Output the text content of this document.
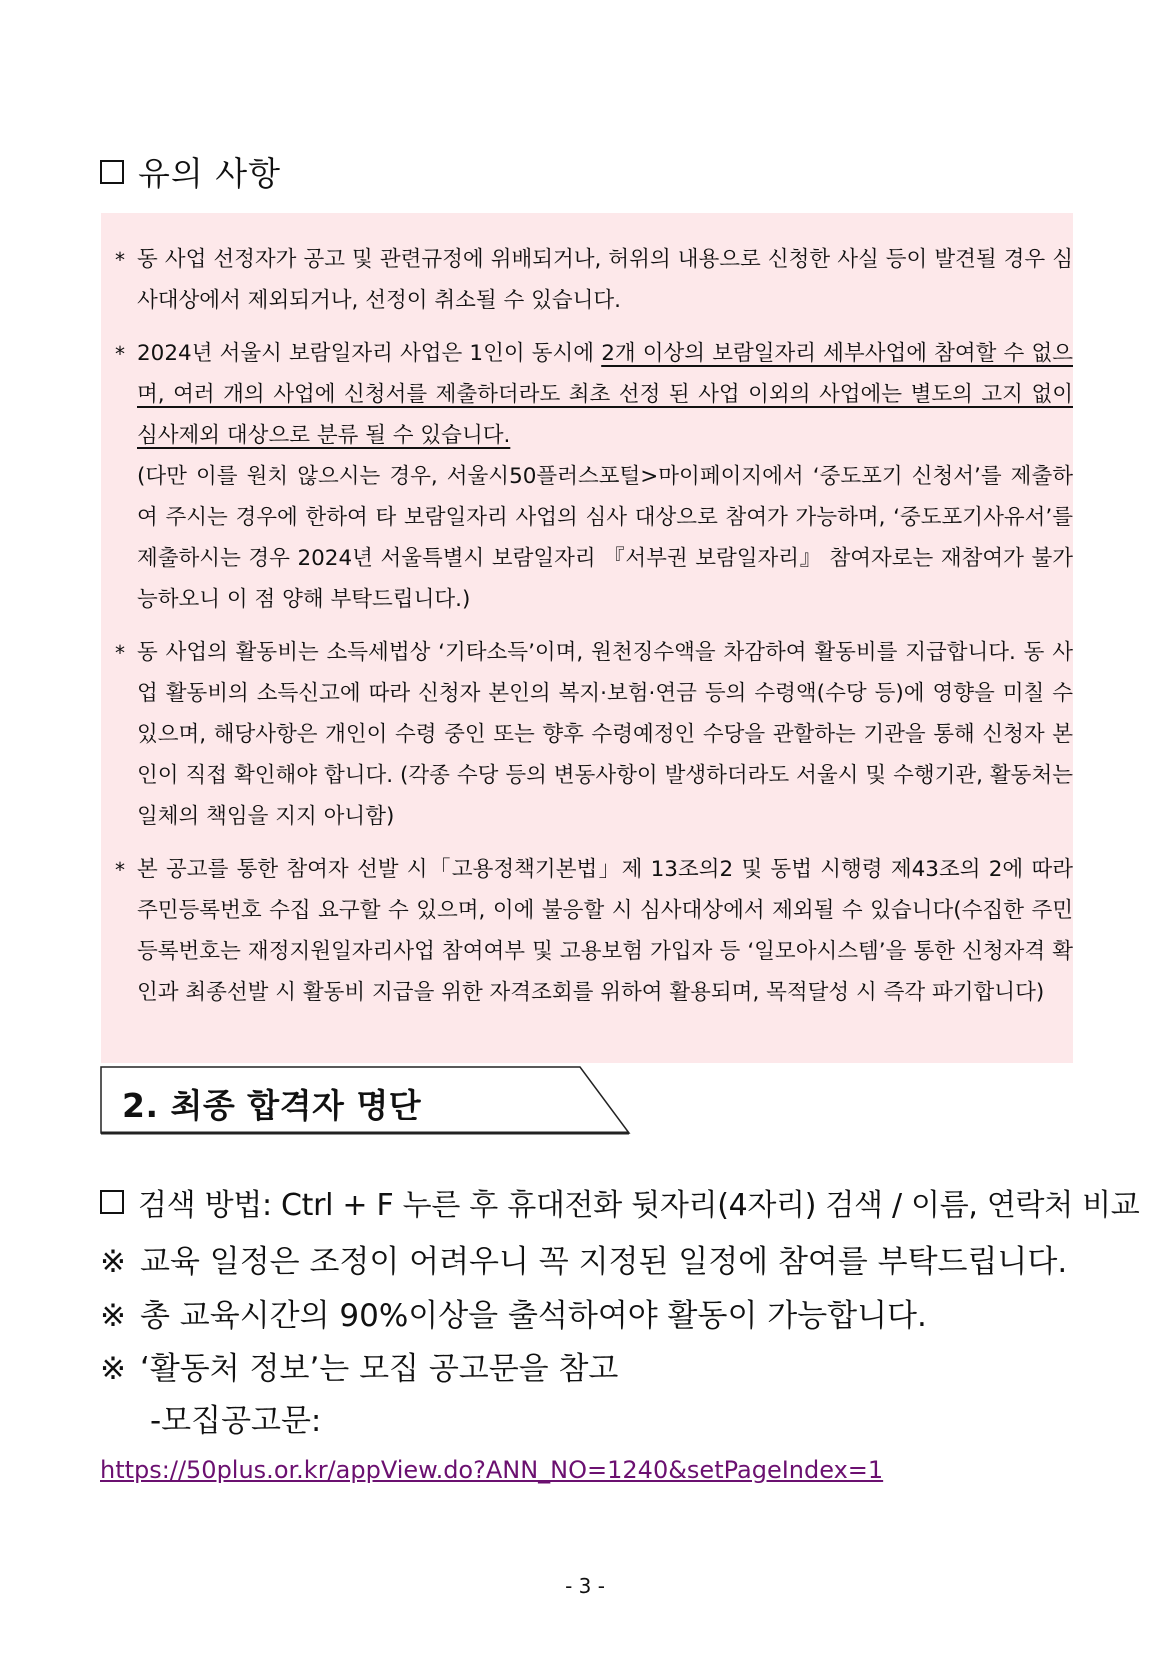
유의 사항
* 동 사업 선정자가 공고 및 관련규정에 위배되거나, 허위의 내용으로 신청한 사실 등이 발견될 경우 심사대상에서 제외되거나, 선정이 취소될 수 있습니다.
* 2024년 서울시 보람일자리 사업은 1인이 동시에 2개 이상의 보람일자리 세부사업에 참여할 수 없으며, 여러 개의 사업에 신청서를 제출하더라도 최초 선정 된 사업 이외의 사업에는 별도의 고지 없이 심사제외 대상으로 분류 될 수 있습니다.
(다만 이를 원치 않으시는 경우, 서울시50플러스포털>마이페이지에서 ‘중도포기 신청서’를 제출하여 주시는 경우에 한하여 타 보람일자리 사업의 심사 대상으로 참여가 가능하며, ‘중도포기사유서’를 제출하시는 경우 2024년 서울특별시 보람일자리 『서부권 보람일자리』 참여자로는 재참여가 불가능하오니 이 점 양해 부탁드립니다.)
* 동 사업의 활동비는 소득세법상 ‘기타소득’이며, 원천징수액을 차감하여 활동비를 지급합니다. 동 사업 활동비의 소득신고에 따라 신청자 본인의 복지·보험·연금 등의 수령액(수당 등)에 영향을 미칠 수 있으며, 해당사항은 개인이 수령 중인 또는 향후 수령예정인 수당을 관할하는 기관을 통해 신청자 본인이 직접 확인해야 합니다. (각종 수당 등의 변동사항이 발생하더라도 서울시 및 수행기관, 활동처는 일체의 책임을 지지 아니함)
* 본 공고를 통한 참여자 선발 시「고용정책기본법」제 13조의2 및 동법 시행령 제43조의 2에 따라 주민등록번호 수집 요구할 수 있으며, 이에 불응할 시 심사대상에서 제외될 수 있습니다(수집한 주민등록번호는 재정지원일자리사업 참여여부 및 고용보험 가입자 등 ‘일모아시스템’을 통한 신청자격 확인과 최종선발 시 활동비 지급을 위한 자격조회를 위하여 활용되며, 목적달성 시 즉각 파기합니다)
2. 최종 합격자 명단
검색 방법: Ctrl + F 누른 후 휴대전화 뒷자리(4자리) 검색 / 이름, 연락처 비교
※ 교육 일정은 조정이 어려우니 꼭 지정된 일정에 참여를 부탁드립니다.
※ 총 교육시간의 90%이상을 출석하여야 활동이 가능합니다.
※ ‘활동처 정보’는 모집 공고문을 참고
-모집공고문:
https://50plus.or.kr/appView.do?ANN_NO=1240&setPageIndex=1
- 3 -
